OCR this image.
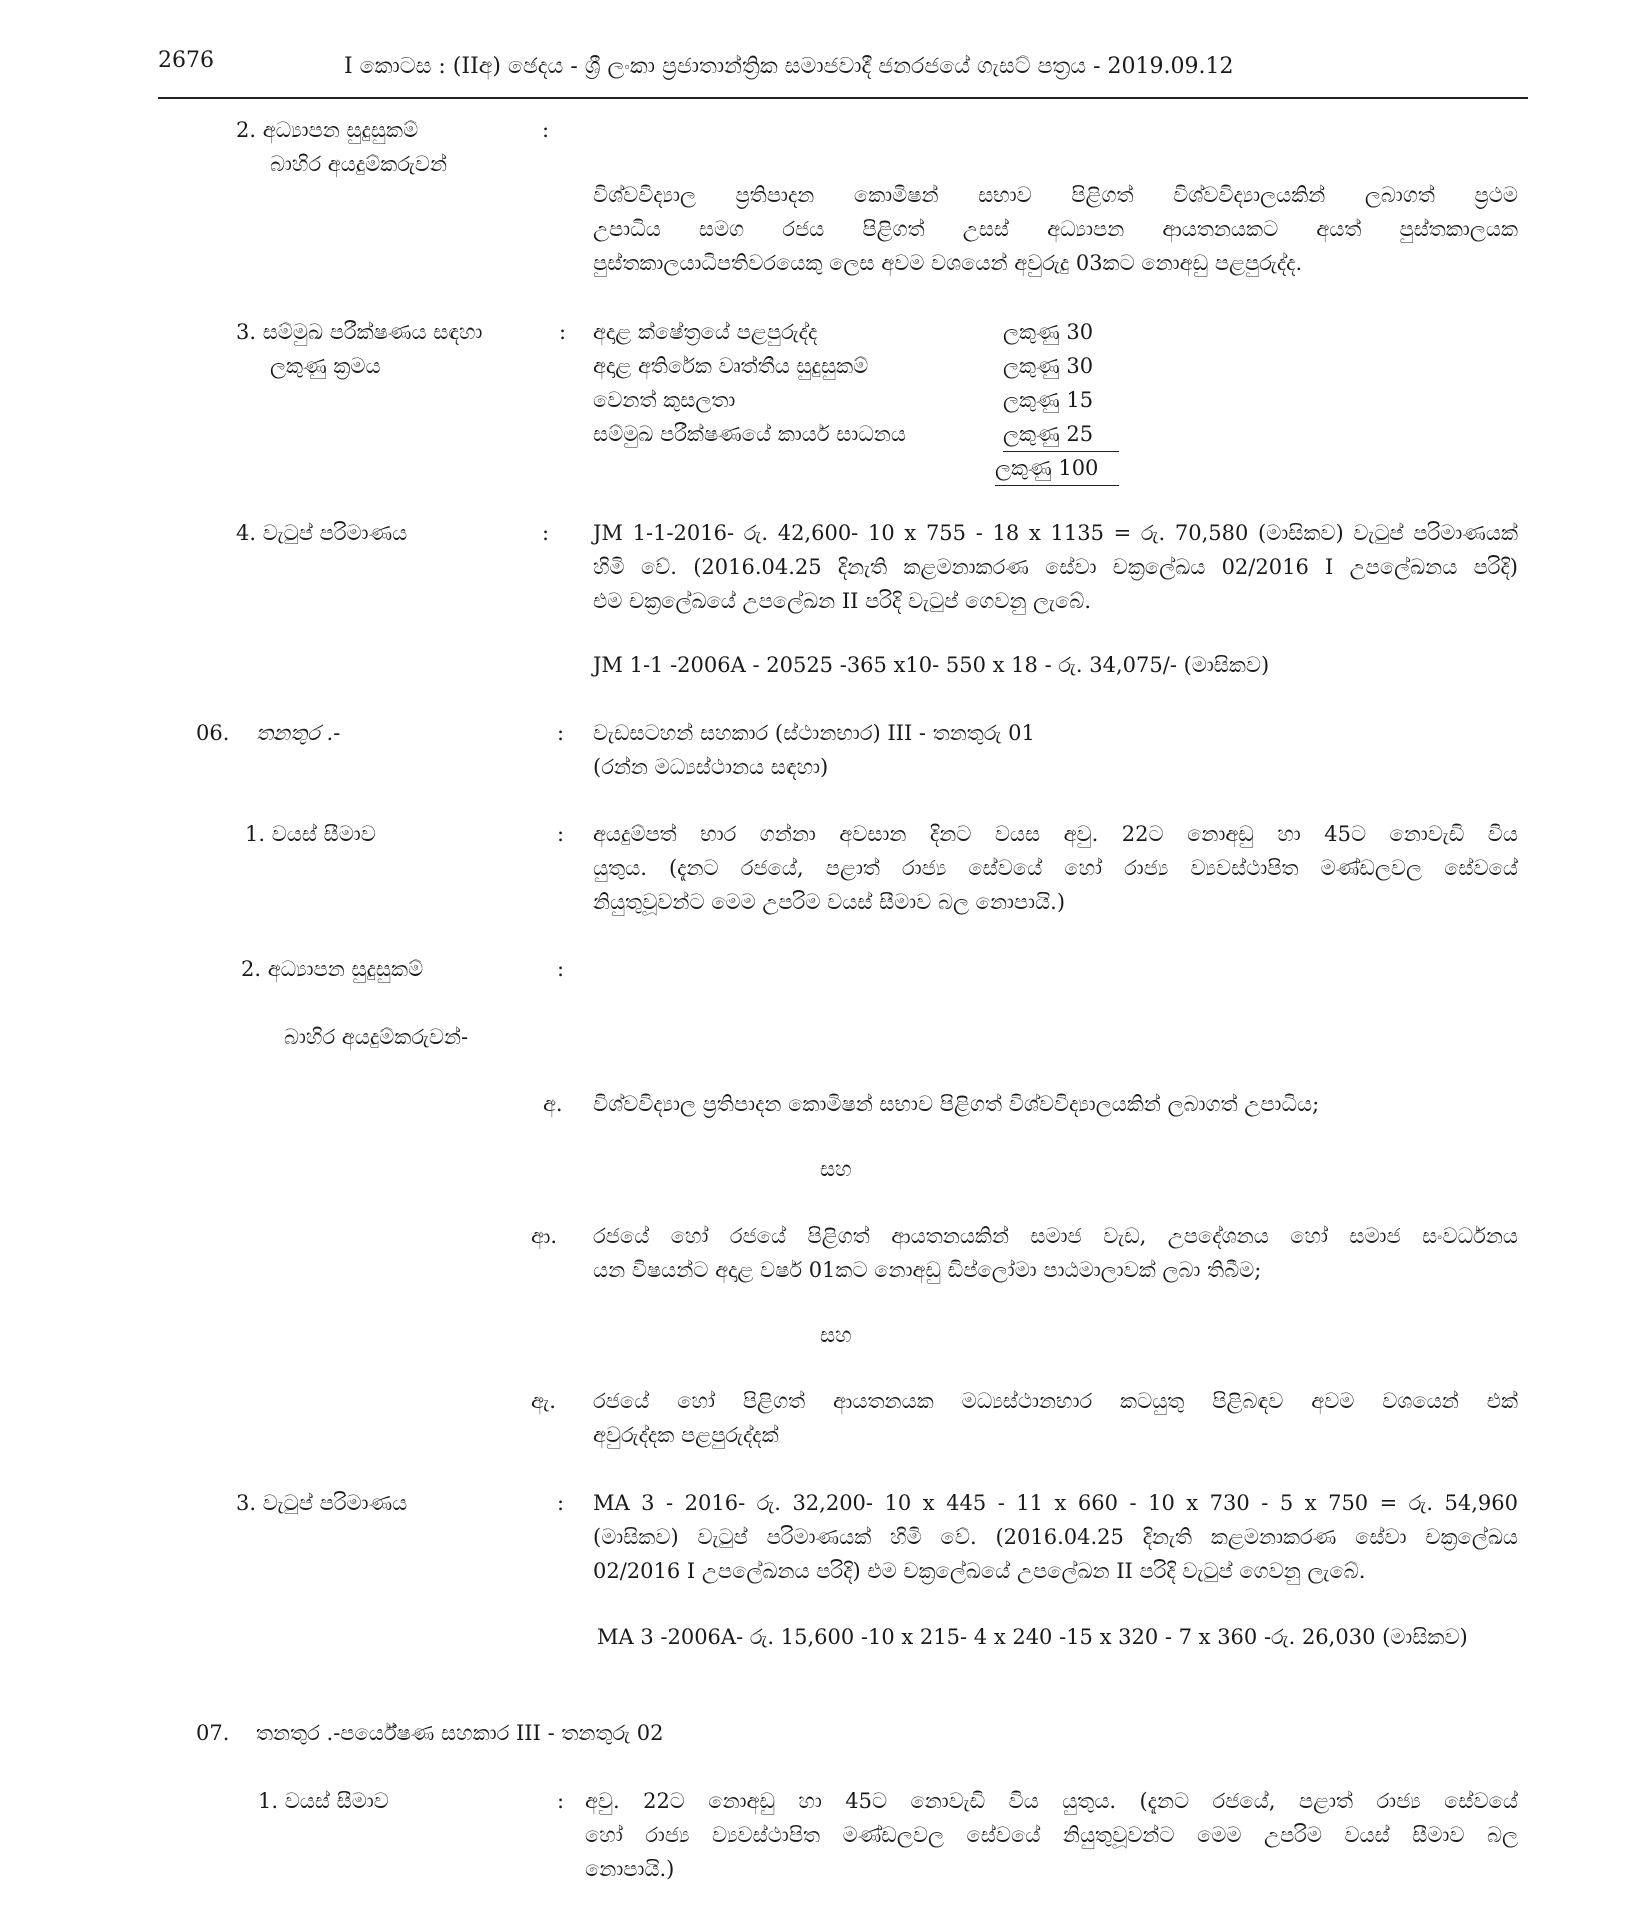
2676	I කොටස : (IIඅ) ඡෙදය - ශ්‍රී ලංකා ප්‍රජාතාන්ත්‍රික සමාජවාදී ජනරජයේ ගැසට් පත්‍රය - 2019.09.12
2. අධ්‍යාපන සුදුසුකම්
බාහිර අයදුම්කරුවන්
:
විශ්වවිද්‍යාල ප්‍රතිපාදන කොමිෂන් සභාව පිළිගත් විශ්වවිද්‍යාලයකින් ලබාගත් ප්‍රථම
උපාධිය සමග රජය පිළිගත් උසස් අධ්‍යාපන ආයතනයකට අයත් පුස්තකාලයක
පුස්තකාලයාධිපතිවරයෙකු ලෙස අවම වශයෙන් අවුරුදු 03කට නොඅඩු පළපුරුද්ද.
3. සම්මුඛ පරීක්ෂණය සඳහා
ලකුණු ක්‍රමය
: අදාළ ක්ෂේත්‍රයේ පළපුරුද්ද	ලකුණු 30
අදාළ අතිරේක වෘත්තීය සුදුසුකම්	ලකුණු 30
වෙනත් කුසලතා	ලකුණු 15
සම්මුඛ පරීක්ෂණයේ කාර්ය සාධනය	ලකුණු 25
ලකුණු 100
4. වැටුප් පරිමාණය	: JM 1-1-2016- රු. 42,600- 10 x 755 - 18 x 1135 = රු. 70,580 (මාසිකව) වැටුප් පරිමාණයක්
හිමි වේ. (2016.04.25 දිනැති කළමනාකරණ සේවා චක්‍රලේඛය 02/2016 I උපලේඛනය පරිදි)
එම චක්‍රලේඛයේ උපලේඛන II පරිදි වැටුප් ගෙවනු ලැබේ.
JM 1-1 -2006A - 20525 -365 x10- 550 x 18 - රු. 34,075/- (මාසිකව)
06. තනතුර .-	: වැඩසටහන් සහකාර (ස්ථානභාර) III - තනතුරු 01
(රන්න මධ්‍යස්ථානය සඳහා)
1. වයස් සීමාව	: අයදුම්පත් භාර ගන්නා අවසාන දිනට වයස අවු. 22ට නොඅඩු හා 45ට නොවැඩි විය
යුතුය. (දැනට රජයේ, පළාත් රාජ්‍ය සේවයේ හෝ රාජ්‍ය ව්‍යවස්ථාපිත මණ්ඩලවල සේවයේ
නියුතුවූවන්ට මෙම උපරිම වයස් සීමාව බල නොපායි.)
2. අධ්‍යාපන සුදුසුකම්	:
බාහිර අයදුම්කරුවන්-
අ. විශ්වවිද්‍යාල ප්‍රතිපාදන කොමිෂන් සභාව පිළිගත් විශ්වවිද්‍යාලයකින් ලබාගත් උපාධිය;
සහ
ආ. රජයේ හෝ රජයේ පිළිගත් ආයතනයකින් සමාජ වැඩ, උපදේශනය හෝ සමාජ සංවර්ධනය
යන විෂයන්ට අදාළ වර්ෂ 01කට නොඅඩු ඩිප්ලෝමා පාඨමාලාවක් ලබා තිබීම;
සහ
ඇ. රජයේ හෝ පිළිගත් ආයතනයක මධ්‍යස්ථානභාර කටයුතු පිළිබඳව අවම වශයෙන් එක්
අවුරුද්දක පළපුරුද්දක්
3. වැටුප් පරිමාණය	: MA 3 - 2016- රු. 32,200- 10 x 445 - 11 x 660 - 10 x 730 - 5 x 750 = රු. 54,960
(මාසිකව) වැටුප් පරිමාණයක් හිමි වේ. (2016.04.25 දිනැති කළමනාකරණ සේවා චක්‍රලේඛය
02/2016 I උපලේඛනය පරිදි) එම චක්‍රලේඛයේ උපලේඛන II පරිදි වැටුප් ගෙවනු ලැබේ.
MA 3 -2006A- රු. 15,600 -10 x 215- 4 x 240 -15 x 320 - 7 x 360 -රු. 26,030 (මාසිකව)
07. තනතුර .-පර්යේෂණ සහකාර III - තනතුරු 02
1. වයස් සීමාව	: අවු. 22ට නොඅඩු හා 45ට නොවැඩි විය යුතුය. (දැනට රජයේ, පළාත් රාජ්‍ය සේවයේ
හෝ රාජ්‍ය ව්‍යවස්ථාපිත මණ්ඩලවල සේවයේ නියුතුවූවන්ට මෙම උපරිම වයස් සීමාව බල
නොපායි.)
